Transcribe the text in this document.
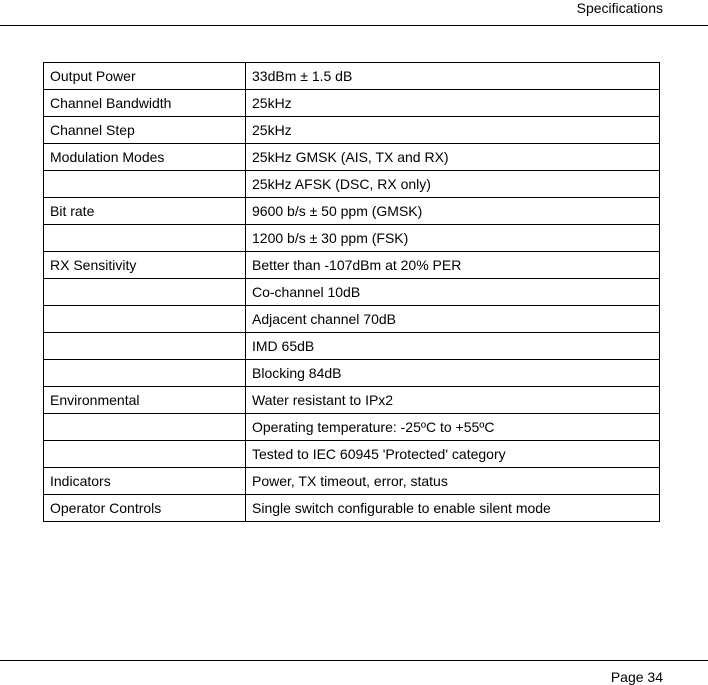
Specifications
Output Power	33dBm ± 1.5 dB
Channel Bandwidth	25kHz
Channel Step	25kHz
Modulation Modes	25kHz GMSK (AIS, TX and RX)
	25kHz AFSK (DSC, RX only)
Bit rate	9600 b/s ± 50 ppm (GMSK)
	1200 b/s ± 30 ppm (FSK)
RX Sensitivity	Better than -107dBm at 20% PER
	Co-channel 10dB
	Adjacent channel 70dB
	IMD 65dB
	Blocking 84dB
Environmental	Water resistant to IPx2
	Operating temperature: -25ºC to +55ºC
	Tested to IEC 60945 'Protected' category
Indicators	Power, TX timeout, error, status
Operator Controls	Single switch configurable to enable silent mode
Page 34
